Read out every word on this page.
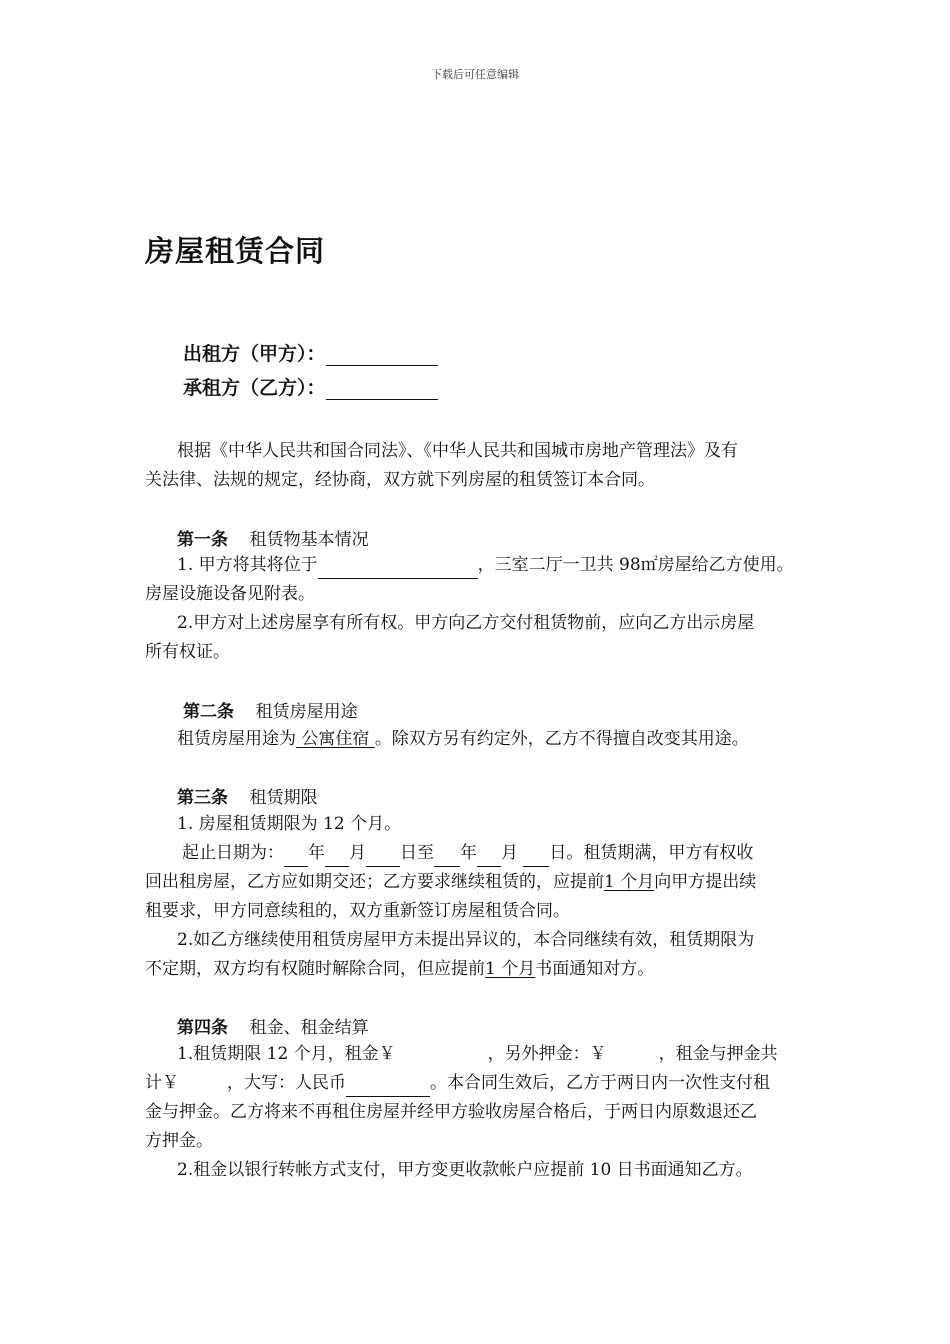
下载后可任意编辑
房屋租赁合同
出租方（甲方）：
承租方（乙方）：
根据《中华人民共和国合同法》、《中华人民共和国城市房地产管理法》及有
关法律、法规的规定，经协商，双方就下列房屋的租赁签订本合同。
第一条 租赁物基本情况
1. 甲方将其将位于	，三室二厅一卫共 98㎡房屋给乙方使用。
房屋设施设备见附表。
2.甲方对上述房屋享有所有权。甲方向乙方交付租赁物前，应向乙方出示房屋
所有权证。
第二条 租赁房屋用途
租赁房屋用途为 公寓住宿 。除双方另有约定外，乙方不得擅自改变其用途。
第三条 租赁期限
1. 房屋租赁期限为 12 个月。
起止日期为： 年 月 日至 年 月 日。租赁期满，甲方有权收
回出租房屋，乙方应如期交还；乙方要求继续租赁的，应提前1 个月向甲方提出续
租要求，甲方同意续租的，双方重新签订房屋租赁合同。
2.如乙方继续使用租赁房屋甲方未提出异议的，本合同继续有效，租赁期限为
不定期，双方均有权随时解除合同，但应提前1 个月书面通知对方。
第四条 租金、租金结算
1.租赁期限 12 个月，租金￥	，另外押金：￥	，租金与押金共
计￥	，大写：人民币	。本合同生效后，乙方于两日内一次性支付租
金与押金。乙方将来不再租住房屋并经甲方验收房屋合格后，于两日内原数退还乙
方押金。
2.租金以银行转帐方式支付，甲方变更收款帐户应提前 10 日书面通知乙方。
